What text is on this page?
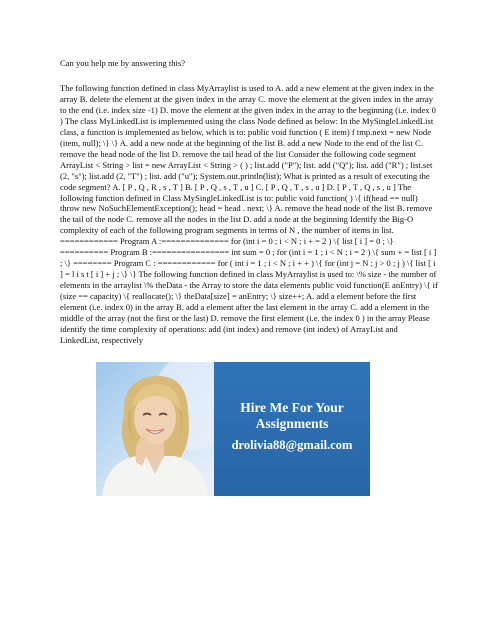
Can you help me by answering this?

The following function defined in class MyArraylist is used to A. add a new element at the given index in the array B. delete the element at the given index in the array C. move the element at the given index in the array to the end (i.e. index size -1) D. move the element at the given index in the array to the beginning (i.e. index 0 ) The class MyLinkedList is implemented using the class Node defined as below: In the MySingleLinkedList class, a function is implemented as below, which is to: public void function ( E item) f tmp.next = new Node (item, null); \} \} A. add a new node at the beginning of the list B. add a new Node to the end of the list C. remove the head node of the list D. remove the tail head of the list Consider the following code segment ArrayList < String > list = new ArrayList < String > ( ) ; list.add ("P"); list. add ("Q"); list. add ("R") ; list.set (2, "s"); list.add (2, "T") ; list. add ("u"); System.out.println(list); What is printed as a result of executing the code segment? A. [ P , Q , R , s , T ] B. [ P , Q , s , T , u ] C. [ P , Q , T , s , u ] D. [ P , T , Q , s , u ] The following function defined in Class MySingleLinkedList is to: public void function( ) \{ if(head == null) throw new NoSuchElementException(); head = head . next; \} A. remove the head node of the list B. remove the tail of the node C. remove all the nodes in the list D. add a node at the beginning Identify the Big-O complexity of each of the following program segments in terms of N , the number of items in list. ============ Program A :============== for (int i = 0 ; i < N ; i + = 2 ) \{ list [ i ] = 0 ; \} ========== Program B :================ int sum = 0 ; for (int i = 1 ; i < N ; i = 2 ) \{ sum + = list [ i ] ; \} ======== Program C : ============ for ( int i = 1 ; i < N ; i + + ) \{ for (int j = N ; j > 0 ; j ) \{ list [ i ] = l i s t [ i ] + j ; \} \} The following function defined in class MyArraylist is used to: \% size - the number of elements in the arraylist \% theData - the Array to store the data elements public void function(E anEntry) \{ if (size == capacity) \{ reallocate(); \} theData[size] = anEntry; \} size++; A. add a element before the first element (i.e. index 0) in the array B. add a element after the last element in the array C. add a element in the middle of the array (not the first or the last) D. remove the first element (i.e. the index 0 ) in the array Please identify the time complexity of operations: add (int index) and remove (int index) of ArrayList and LinkedList, respectively

Hire Me For Your Assignments

drolivia88@gmail.com
